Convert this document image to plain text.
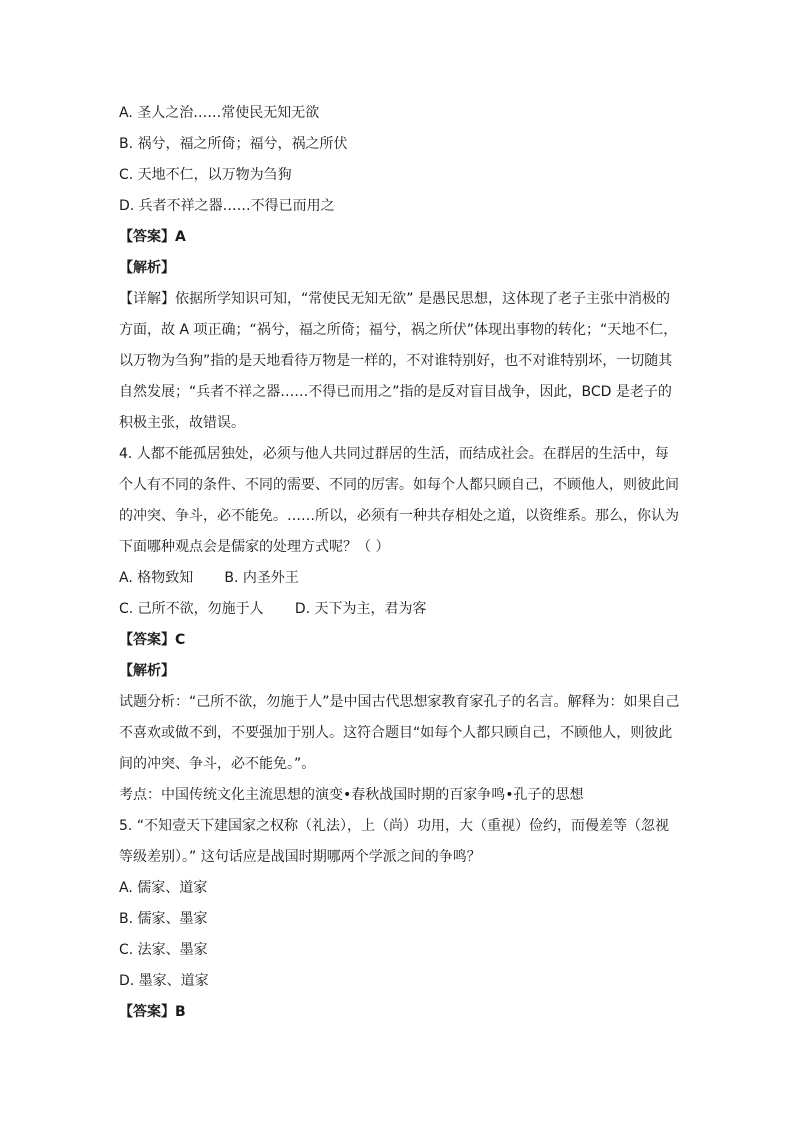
A. 圣人之治……常使民无知无欲

B. 祸兮，福之所倚；福兮，祸之所伏

C. 天地不仁，以万物为刍狗

D. 兵者不祥之器……不得已而用之

【答案】A

【解析】

【详解】依据所学知识可知，“常使民无知无欲” 是愚民思想，这体现了老子主张中消极的

方面，故 A 项正确；“祸兮，福之所倚；福兮，祸之所伏”体现出事物的转化；“天地不仁，

以万物为刍狗”指的是天地看待万物是一样的，不对谁特别好，也不对谁特别坏，一切随其

自然发展；“兵者不祥之器……不得已而用之”指的是反对盲目战争，因此，BCD 是老子的

积极主张，故错误。

4. 人都不能孤居独处，必须与他人共同过群居的生活，而结成社会。在群居的生活中，每

个人有不同的条件、不同的需要、不同的厉害。如每个人都只顾自己，不顾他人，则彼此间

的冲突、争斗，必不能免。……所以，必须有一种共存相处之道，以资维系。那么，你认为

下面哪种观点会是儒家的处理方式呢？（ ）

A. 格物致知       B. 内圣外王

C. 己所不欲，勿施于人       D. 天下为主，君为客

【答案】C

【解析】

试题分析：“己所不欲，勿施于人”是中国古代思想家教育家孔子的名言。解释为：如果自己

不喜欢或做不到，不要强加于别人。这符合题目“如每个人都只顾自己，不顾他人，则彼此

间的冲突、争斗，必不能免。”。

考点：中国传统文化主流思想的演变•春秋战国时期的百家争鸣•孔子的思想

5. “不知壹天下建国家之权称（礼法），上（尚）功用，大（重视）俭约，而僈差等（忽视

等级差别）。” 这句话应是战国时期哪两个学派之间的争鸣？

A. 儒家、道家

B. 儒家、墨家

C. 法家、墨家

D. 墨家、道家

【答案】B
